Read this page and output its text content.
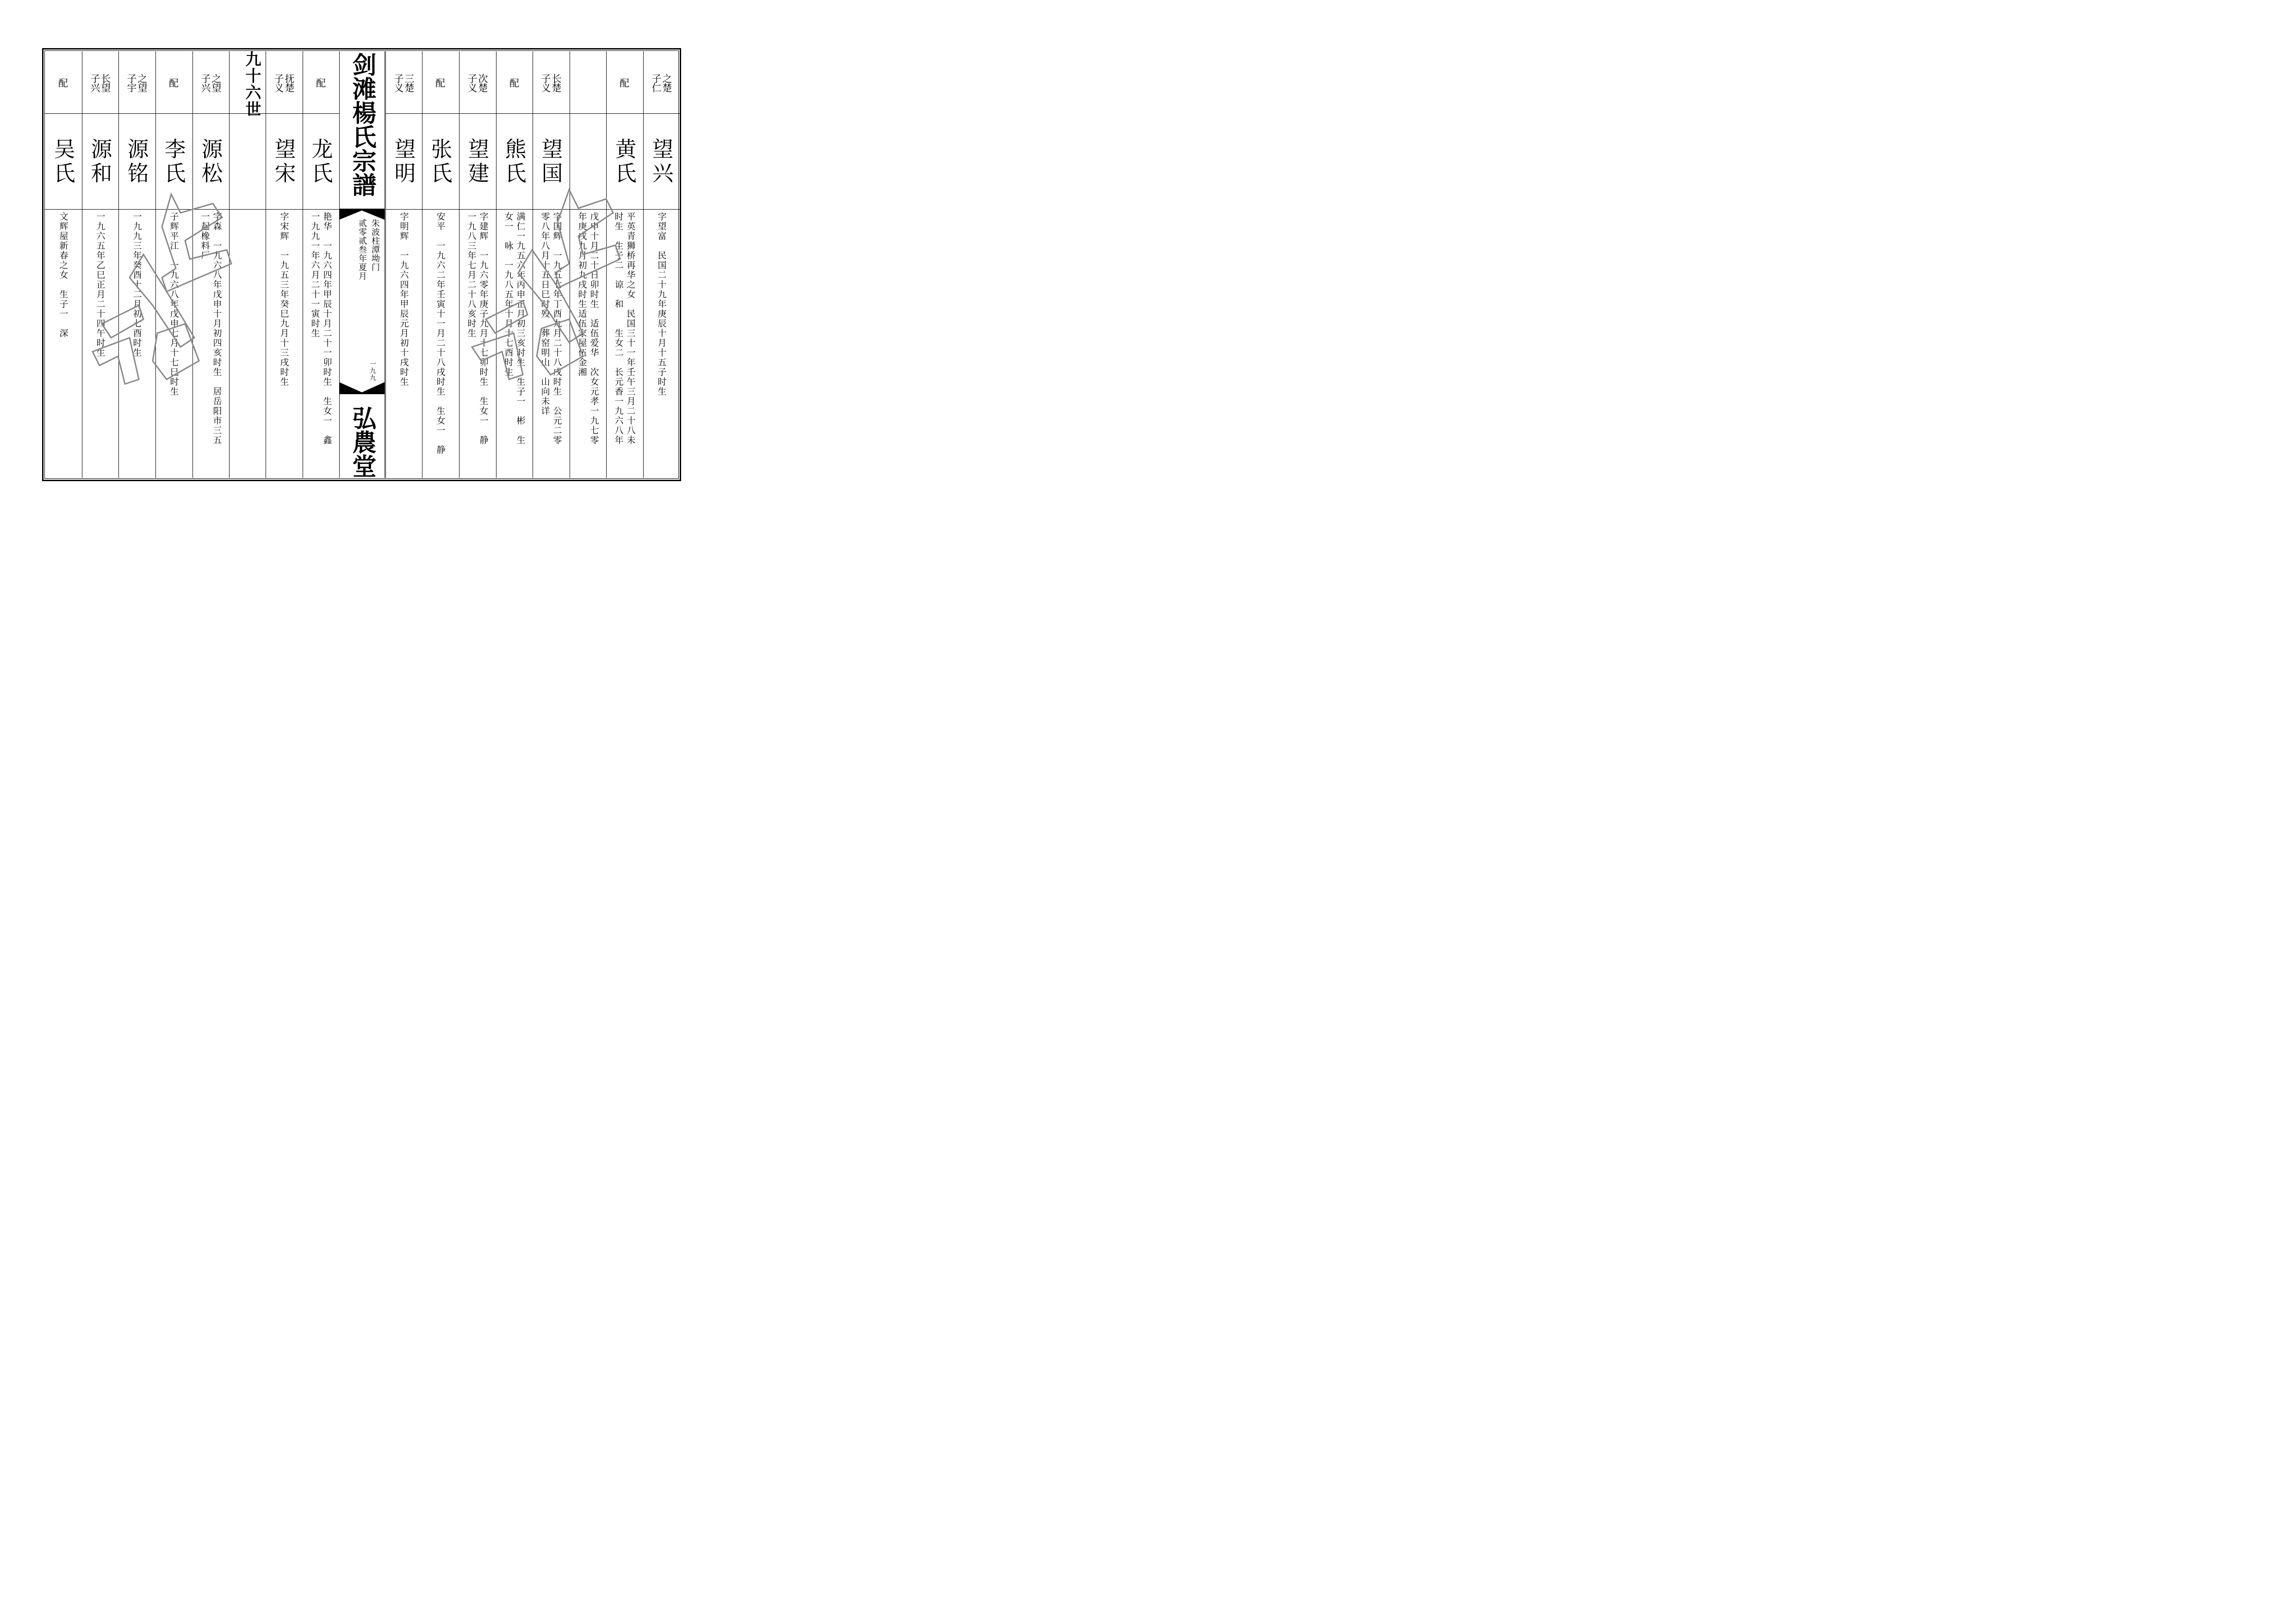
之楚
子仁
望兴
字望富　民国二十九年庚辰十月十五子时生
配
黄氏
平英青狮桥再华之女　民国三十一年壬午三月二十八未
时生　生子二　谅　和　　生女二　长元香一九六八年
戊申十月二十日卯时生　适伍爱华　次女元孝一九七零
年庚戌九月初九戌时生适伍家屋伍金湘
长楚
子义
望国
字国辉　一九五七年丁酉九月二十八戌时生　公元二零
零八年八月十五日巳时殁　葬窑明山　山向未详
配
熊氏
满仁一九五六年丙申正月初三亥时生　生子一　彬　生
女一　咏　一九八五年十月十七酉时生
次楚
子义
望建
字建辉　一九六零年庚子九月十七卯时生　生女一　静
一九八三年七月二十八亥时生
配
张氏
安平　一九六二年壬寅十一月二十八戌时生　生女一　静
三楚
子义
望明
字明辉　一九六四年甲辰元月初十戌时生
配
龙氏
艳华　一九六四年甲辰十月二十一卯时生　生女一　鑫
一九九一年六月二十一寅时生
抚楚
子义
望宋
字宋辉　一九五三年癸巳九月十三戌时生
之望
子兴
源松
字森　一九六八年戊申十月初四亥时生　居岳阳市三五
一起橡料厂
配
李氏
子辉平江　一九六八年戊申七月十七巳时生
之望
子宇
源铭
一九九三年癸酉十二月初七酉时生
长望
子兴
源和
一九六五年乙巳正月二十四午时生
配
吴氏
文辉屋新春之女　生子一　深
九十六世	剑滩楊氏宗譜
朱波柱潭坳门
贰零贰叁年夏月
一九九
弘農堂
